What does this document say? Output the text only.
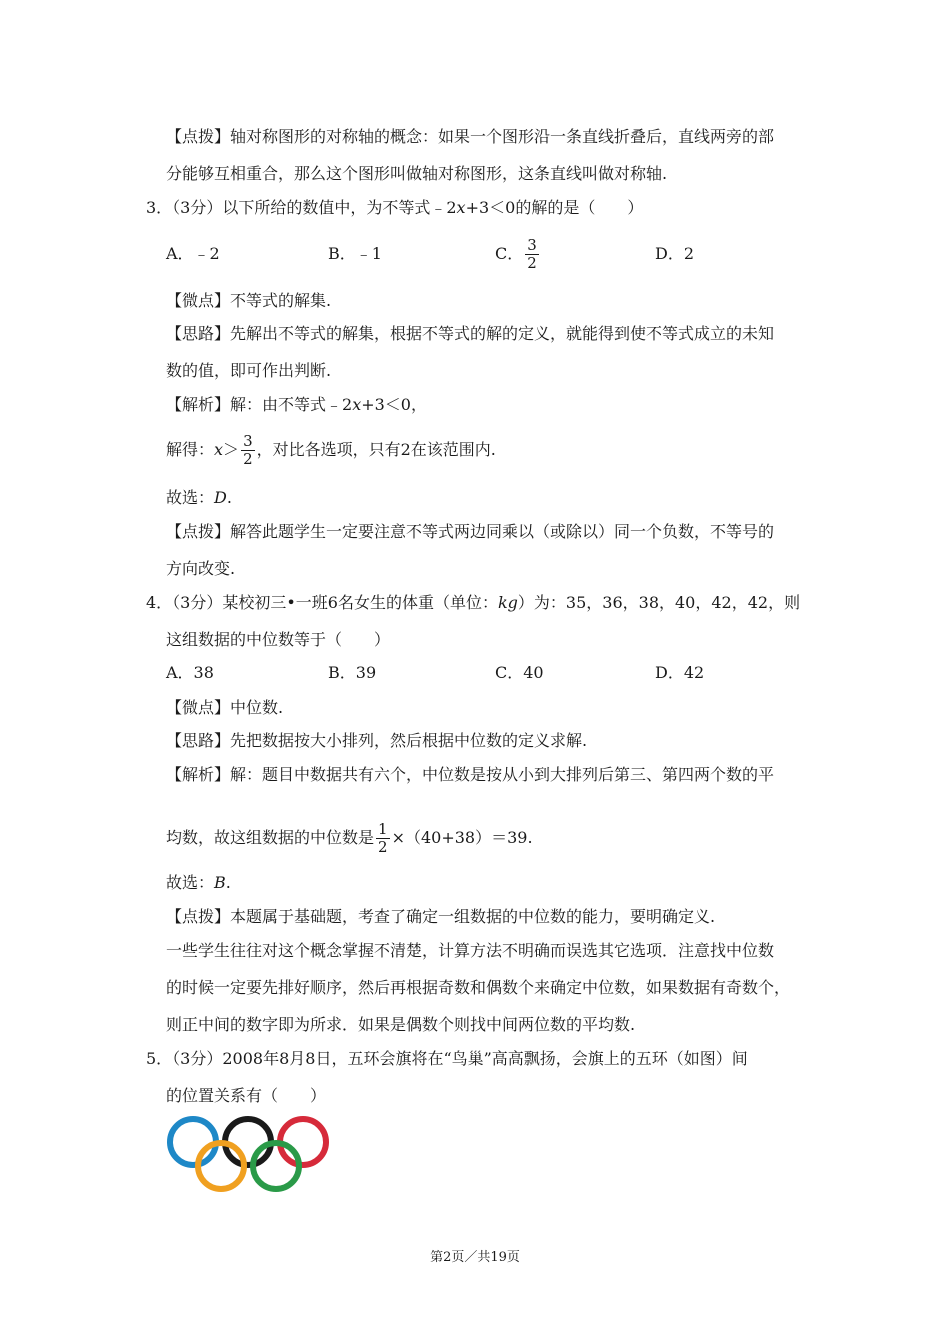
【点拨】轴对称图形的对称轴的概念：如果一个图形沿一条直线折叠后，直线两旁的部
分能够互相重合，那么这个图形叫做轴对称图形，这条直线叫做对称轴.
3．（3分）以下所给的数值中，为不等式﹣2x+3＜0的解的是（　　）
A．﹣2	B．﹣1	C． $\frac{3}{2}$	D．2
【微点】不等式的解集.
【思路】先解出不等式的解集，根据不等式的解的定义，就能得到使不等式成立的未知
数的值，即可作出判断.
【解析】解：由不等式﹣2x+3＜0，
解得：$x> \frac{3}{2}$ ，对比各选项，只有2在该范围内.
故选：D.
【点拨】解答此题学生一定要注意不等式两边同乘以（或除以）同一个负数，不等号的
方向改变.
4．（3分）某校初三•一班6名女生的体重（单位：kg）为：35，36，38，40，42，42，则
这组数据的中位数等于（　　）
A．38	B．39	C．40	D．42
【微点】中位数.
【思路】先把数据按大小排列，然后根据中位数的定义求解.
【解析】解：题目中数据共有六个，中位数是按从小到大排列后第三、第四两个数的平
均数，故这组数据的中位数是 $\frac{1}{2} \times(40+38)=39$.
故选：B.
【点拨】本题属于基础题，考查了确定一组数据的中位数的能力，要明确定义.
一些学生往往对这个概念掌握不清楚，计算方法不明确而误选其它选项．注意找中位数
的时候一定要先排好顺序，然后再根据奇数和偶数个来确定中位数，如果数据有奇数个，
则正中间的数字即为所求．如果是偶数个则找中间两位数的平均数.
5．（3分）2008年8月8日，五环会旗将在“鸟巢”高高飘扬，会旗上的五环（如图）间
的位置关系有（　　）
第2页／共19页
